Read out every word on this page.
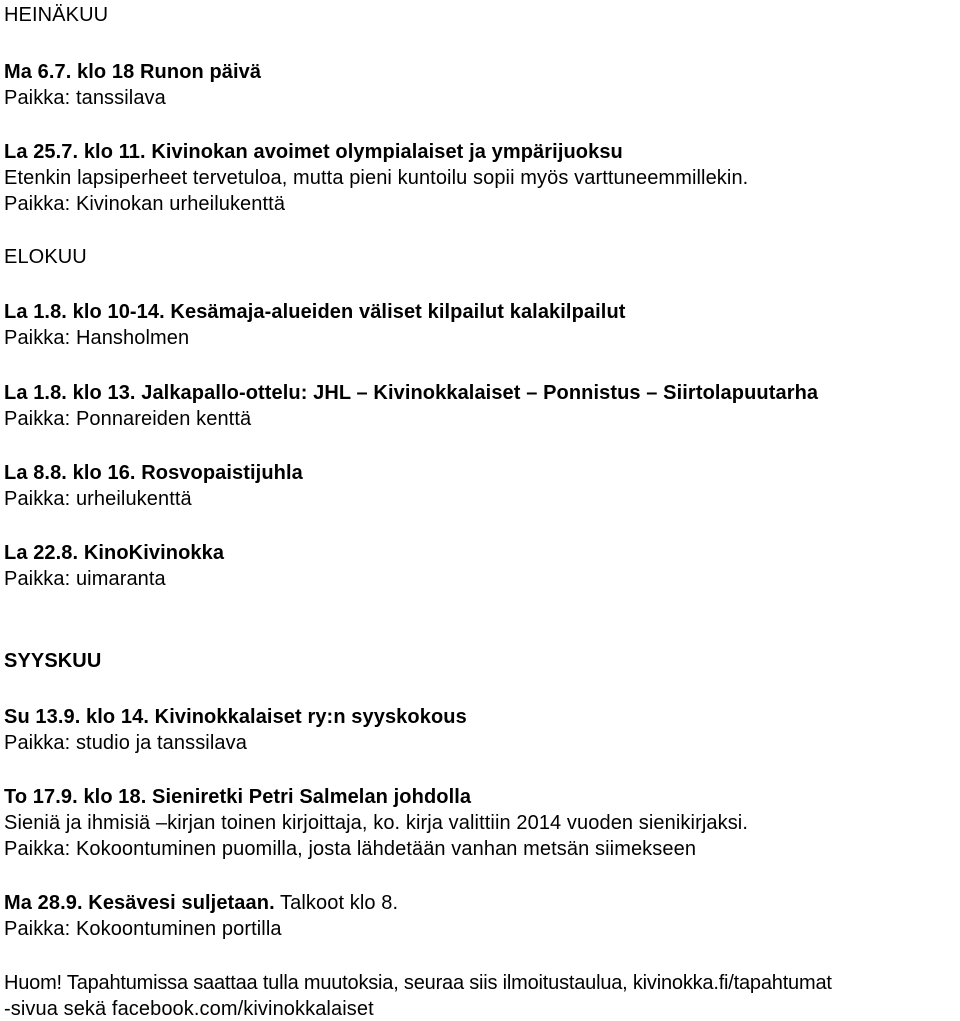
HEINÄKUU
Ma 6.7. klo 18 Runon päivä
Paikka: tanssilava
La 25.7. klo 11. Kivinokan avoimet olympialaiset ja ympärijuoksu
Etenkin lapsiperheet tervetuloa, mutta pieni kuntoilu sopii myös varttuneemmillekin.
Paikka: Kivinokan urheilukenttä
ELOKUU
La 1.8. klo 10-14. Kesämaja-alueiden väliset kilpailut kalakilpailut
Paikka: Hansholmen
La 1.8. klo 13. Jalkapallo-ottelu: JHL – Kivinokkalaiset – Ponnistus – Siirtolapuutarha
Paikka: Ponnareiden kenttä
La 8.8. klo 16. Rosvopaistijuhla
Paikka: urheilukenttä
La 22.8. KinoKivinokka
Paikka: uimaranta
SYYSKUU
Su 13.9. klo 14. Kivinokkalaiset ry:n syyskokous
Paikka: studio ja tanssilava
To 17.9. klo 18. Sieniretki Petri Salmelan johdolla
Sieniä ja ihmisiä –kirjan toinen kirjoittaja, ko. kirja valittiin 2014 vuoden sienikirjaksi.
Paikka: Kokoontuminen puomilla, josta lähdetään vanhan metsän siimekseen
Ma 28.9. Kesävesi suljetaan. Talkoot klo 8.
Paikka: Kokoontuminen portilla
Huom! Tapahtumissa saattaa tulla muutoksia, seuraa siis ilmoitustaulua, kivinokka.fi/tapahtumat
-sivua sekä facebook.com/kivinokkalaiset
